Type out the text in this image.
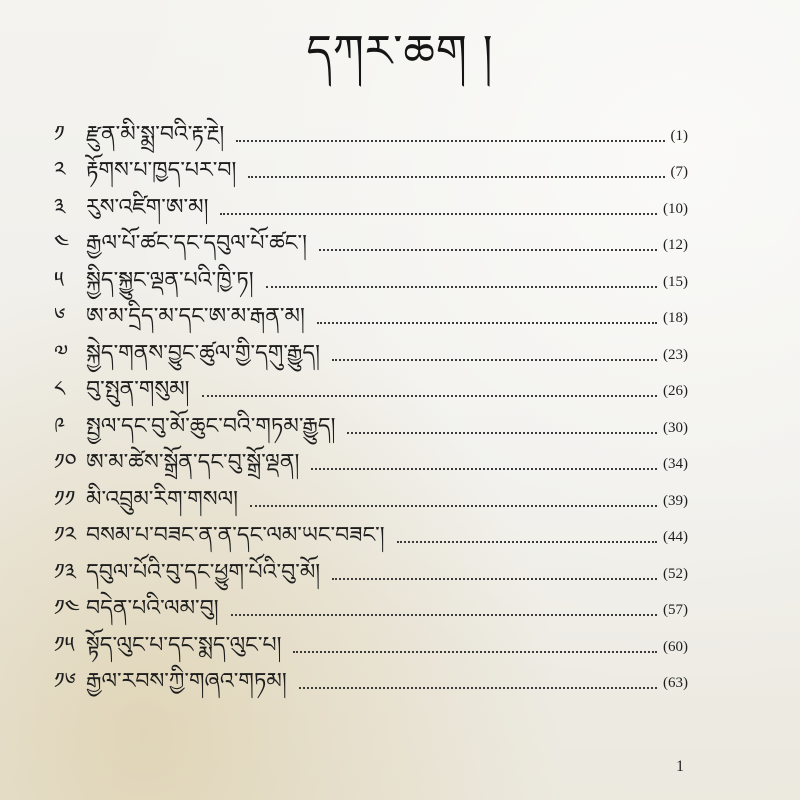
དཀར་ཆག །
༡ རྫུན་མི་སྨྲ་བའི་རྟ་རྔེ།	(1)
༢ རྟོགས་པ་ཁྱད་པར་བ།	(7)
༣ རུས་འཛིག་ཨ་མ།	(10)
༤ རྒྱལ་པོ་ཚང་དང་དབུལ་པོ་ཚང་།	(12)
༥	སྐྱིད་སྐྱུང་ལྡན་པའི་ཁྱི་ཏ།	(15)
༦ ཨ་མ་དྲིད་མ་དང་ཨ་མ་རྒན་མ།	(18)
༧ སྐྱེད་གནས་བྱུང་ཚུལ་གྱི་དགུ་རྒྱུད།	(23)
༨ བུ་སྤུན་གསུམ།	(26)
༩ སྤྱལ་དང་བུ་མོ་ཆུང་བའི་གཏམ་རྒྱུད།	(30)
༡༠ ཨ་མ་ཚེས་སྒྲོན་དང་བུ་སྒྲོ་ལྡན།	(34)
༡༡ མི་འབྲུམ་རིག་གསལ།	(39)
༡༢ བསམ་པ་བཟང་ན་ན་དང་ལམ་ཡང་བཟང་།	(44)
༡༣ དབུལ་པོའི་བུ་དང་ཕྱུག་པོའི་བུ་མོ།	(52)
༡༤ བདེན་པའི་ལམ་བུ།	(57)
༡༥ སྟོད་ལུང་པ་དང་སྨད་ལུང་པ།	(60)
༡༦ རྒྱལ་རབས་ཀྱི་གཞའ་གཏམ།	(63)
1
